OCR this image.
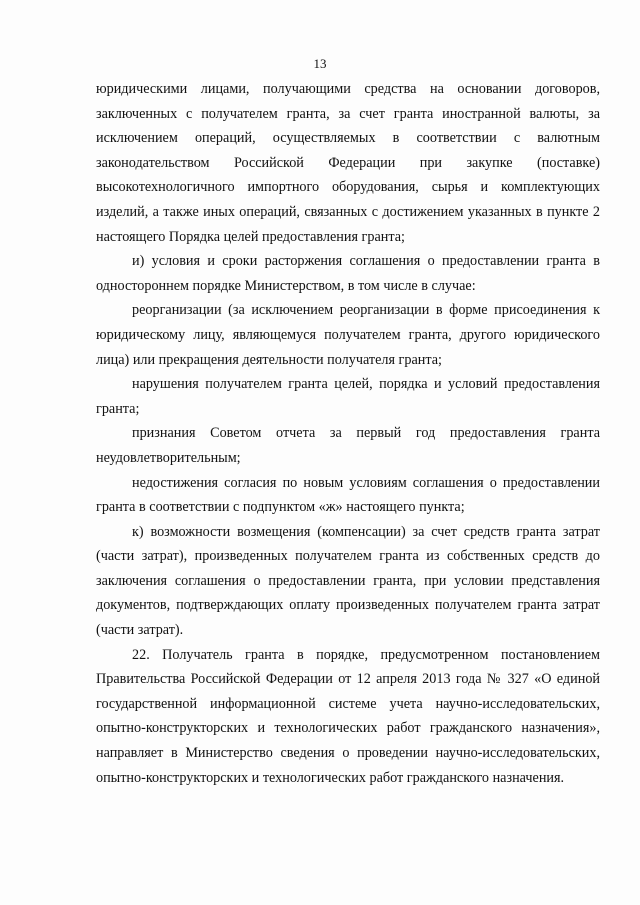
13

юридическими лицами, получающими средства на основании договоров, заключенных с получателем гранта, за счет гранта иностранной валюты, за исключением операций, осуществляемых в соответствии с валютным законодательством Российской Федерации при закупке (поставке) высокотехнологичного импортного оборудования, сырья и комплектующих изделий, а также иных операций, связанных с достижением указанных в пункте 2 настоящего Порядка целей предоставления гранта;

и) условия и сроки расторжения соглашения о предоставлении гранта в одностороннем порядке Министерством, в том числе в случае:

реорганизации (за исключением реорганизации в форме присоединения к юридическому лицу, являющемуся получателем гранта, другого юридического лица) или прекращения деятельности получателя гранта;

нарушения получателем гранта целей, порядка и условий предоставления гранта;

признания Советом отчета за первый год предоставления гранта неудовлетворительным;

недостижения согласия по новым условиям соглашения о предоставлении гранта в соответствии с подпунктом «ж» настоящего пункта;

к) возможности возмещения (компенсации) за счет средств гранта затрат (части затрат), произведенных получателем гранта из собственных средств до заключения соглашения о предоставлении гранта, при условии представления документов, подтверждающих оплату произведенных получателем гранта затрат (части затрат).

22. Получатель гранта в порядке, предусмотренном постановлением Правительства Российской Федерации от 12 апреля 2013 года № 327 «О единой государственной информационной системе учета научно-исследовательских, опытно-конструкторских и технологических работ гражданского назначения», направляет в Министерство сведения о проведении научно-исследовательских, опытно-конструкторских и технологических работ гражданского назначения.
